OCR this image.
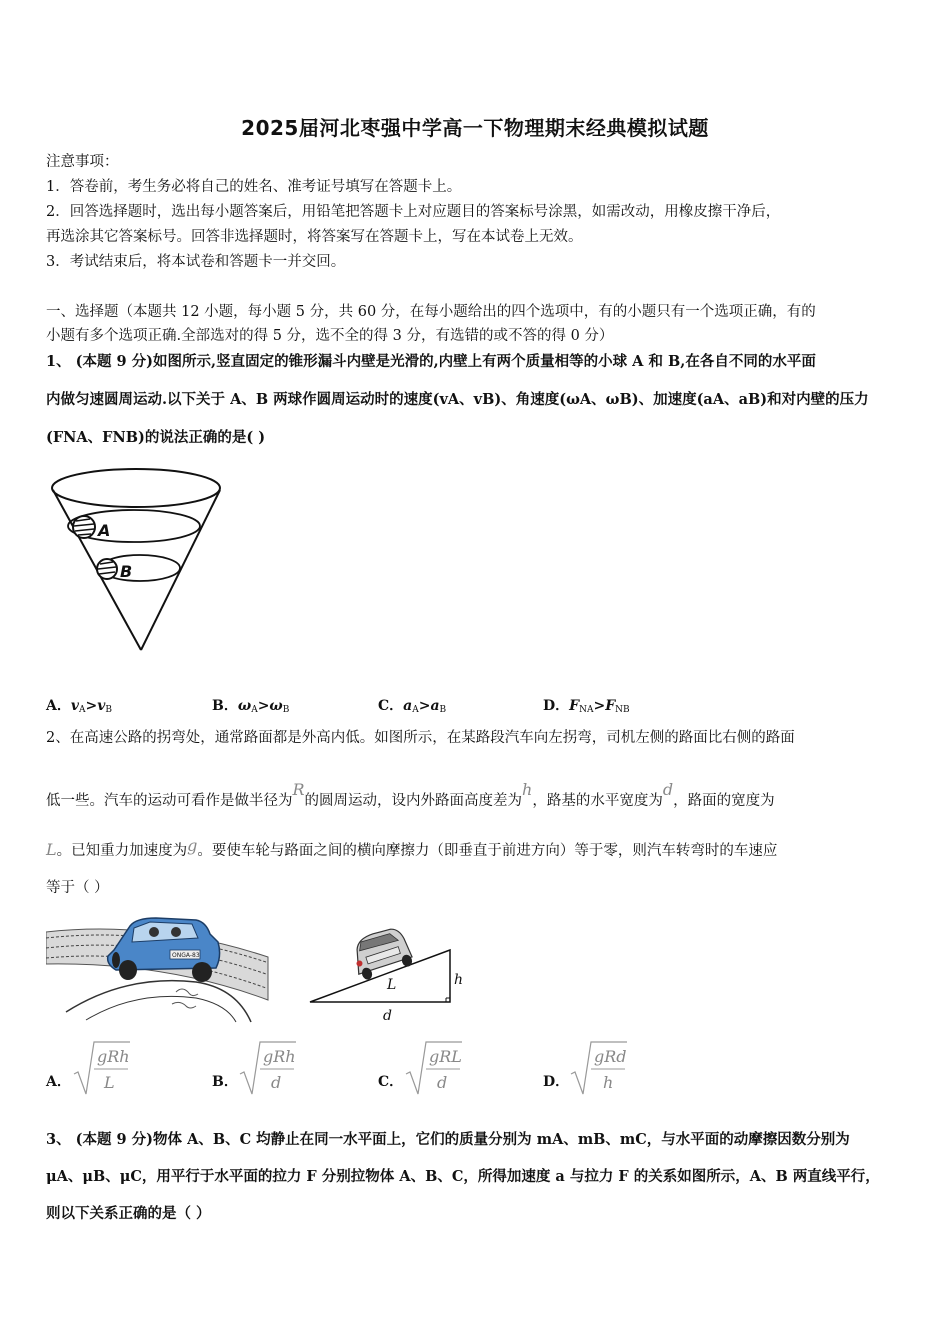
2025届河北枣强中学高一下物理期末经典模拟试题
注意事项：
1．答卷前，考生务必将自己的姓名、准考证号填写在答题卡上。
2．回答选择题时，选出每小题答案后，用铅笔把答题卡上对应题目的答案标号涂黑，如需改动，用橡皮擦干净后，
再选涂其它答案标号。回答非选择题时，将答案写在答题卡上，写在本试卷上无效。
3．考试结束后，将本试卷和答题卡一并交回。
一、选择题（本题共 12 小题，每小题 5 分，共 60 分，在每小题给出的四个选项中，有的小题只有一个选项正确，有的
小题有多个选项正确.全部选对的得 5 分，选不全的得 3 分，有选错的或不答的得 0 分）
1、 (本题 9 分)如图所示,竖直固定的锥形漏斗内壁是光滑的,内壁上有两个质量相等的小球 A 和 B,在各自不同的水平面
内做匀速圆周运动.以下关于 A、B 两球作圆周运动时的速度(vA、vB)、角速度(ωA、ωB)、加速度(aA、aB)和对内壁的压力
(FNA、FNB)的说法正确的是( )
A
B
A．$v_A>v_B$	B．$\omega_A>\omega_B$	C．$a_A>a_B$	D．$F_{NA}>F_{NB}$
2、在高速公路的拐弯处，通常路面都是外高内低。如图所示，在某路段汽车向左拐弯，司机左侧的路面比右侧的路面
低一些。汽车的运动可看作是做半径为R的圆周运动，设内外路面高度差为h，路基的水平宽度为d，路面的宽度为
L。已知重力加速度为g。要使车轮与路面之间的横向摩擦力（即垂直于前进方向）等于零，则汽车转弯时的车速应
等于（ ）
ONGA-83
L	h
d
A．
gRh
L	B．
gRh
d	C．
gRL
d	D．
gRd
h
3、 (本题 9 分)物体 A、B、C 均静止在同一水平面上，它们的质量分别为 mA、mB、mC，与水平面的动摩擦因数分别为
μA、μB、μC，用平行于水平面的拉力 F 分别拉物体 A、B、C，所得加速度 a 与拉力 F 的关系如图所示，A、B 两直线平行，
则以下关系正确的是（ ）
